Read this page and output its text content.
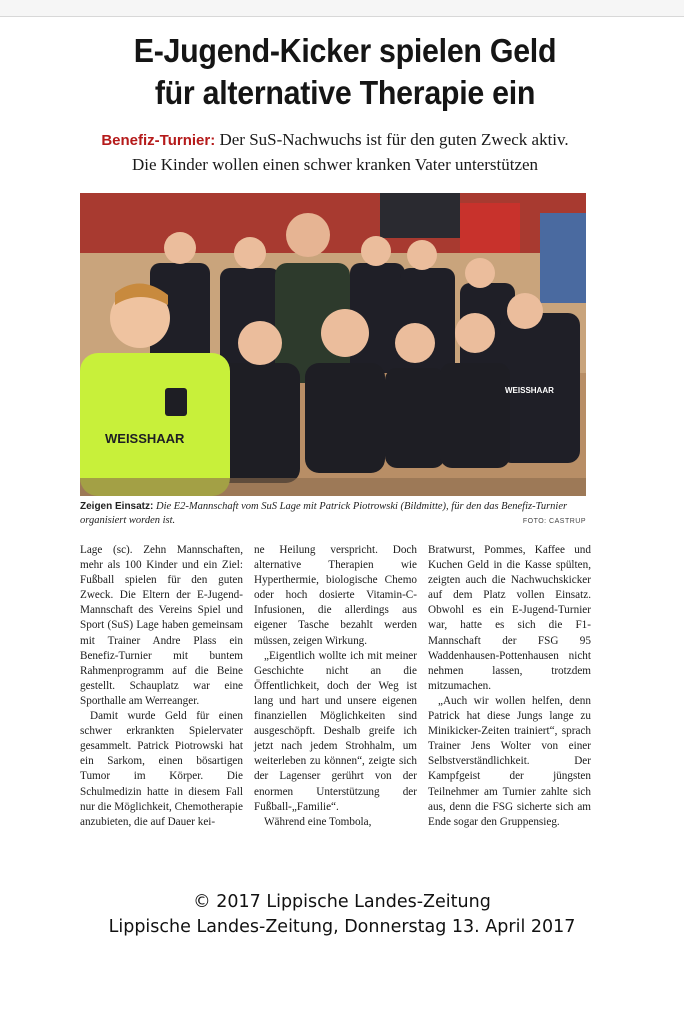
E-Jugend-Kicker spielen Geld
für alternative Therapie ein
Benefiz-Turnier: Der SuS-Nachwuchs ist für den guten Zweck aktiv.
Die Kinder wollen einen schwer kranken Vater unterstützen
WEISSHAAR
WEISSHAAR
Zeigen Einsatz: Die E2-Mannschaft vom SuS Lage mit Patrick Piotrowski (Bildmitte), für den das Benefiz-Turnier organisiert worden ist.	FOTO: CASTRUP

Lage (sc). Zehn Mannschaften, mehr als 100 Kinder und ein Ziel: Fußball spielen für den guten Zweck. Die Eltern der E-Jugend-Mannschaft des Vereins Spiel und Sport (SuS) Lage haben gemeinsam mit Trainer Andre Plass ein Benefiz-Turnier mit buntem Rahmenprogramm auf die Beine gestellt. Schauplatz war eine Sporthalle am Werreanger.

Damit wurde Geld für einen schwer erkrankten Spielervater gesammelt. Patrick Piotrowski hat ein Sarkom, einen bösartigen Tumor im Körper. Die Schulmedizin hatte in diesem Fall nur die Möglichkeit, Chemotherapie anzubieten, die auf Dauer kei-

ne Heilung verspricht. Doch alternative Therapien wie Hyperthermie, biologische Chemo oder hoch dosierte Vitamin-C-Infusionen, die allerdings aus eigener Tasche bezahlt werden müssen, zeigen Wirkung.

„Eigentlich wollte ich mit meiner Geschichte nicht an die Öffentlichkeit, doch der Weg ist lang und hart und unsere eigenen finanziellen Möglichkeiten sind ausgeschöpft. Deshalb greife ich jetzt nach jedem Strohhalm, um weiterleben zu können“, zeigte sich der Lagenser gerührt von der enormen Unterstützung der Fußball-„Familie“.

Während eine Tombola,

Bratwurst, Pommes, Kaffee und Kuchen Geld in die Kasse spülten, zeigten auch die Nachwuchskicker auf dem Platz vollen Einsatz. Obwohl es ein E-Jugend-Turnier war, hatte es sich die F1-Mannschaft der FSG 95 Waddenhausen-Pottenhausen nicht nehmen lassen, trotzdem mitzumachen.

„Auch wir wollen helfen, denn Patrick hat diese Jungs lange zu Minikicker-Zeiten trainiert“, sprach Trainer Jens Wolter von einer Selbstverständlichkeit. Der Kampfgeist der jüngsten Teilnehmer am Turnier zahlte sich aus, denn die FSG sicherte sich am Ende sogar den Gruppensieg.

© 2017 Lippische Landes-Zeitung
Lippische Landes-Zeitung, Donnerstag 13. April 2017
